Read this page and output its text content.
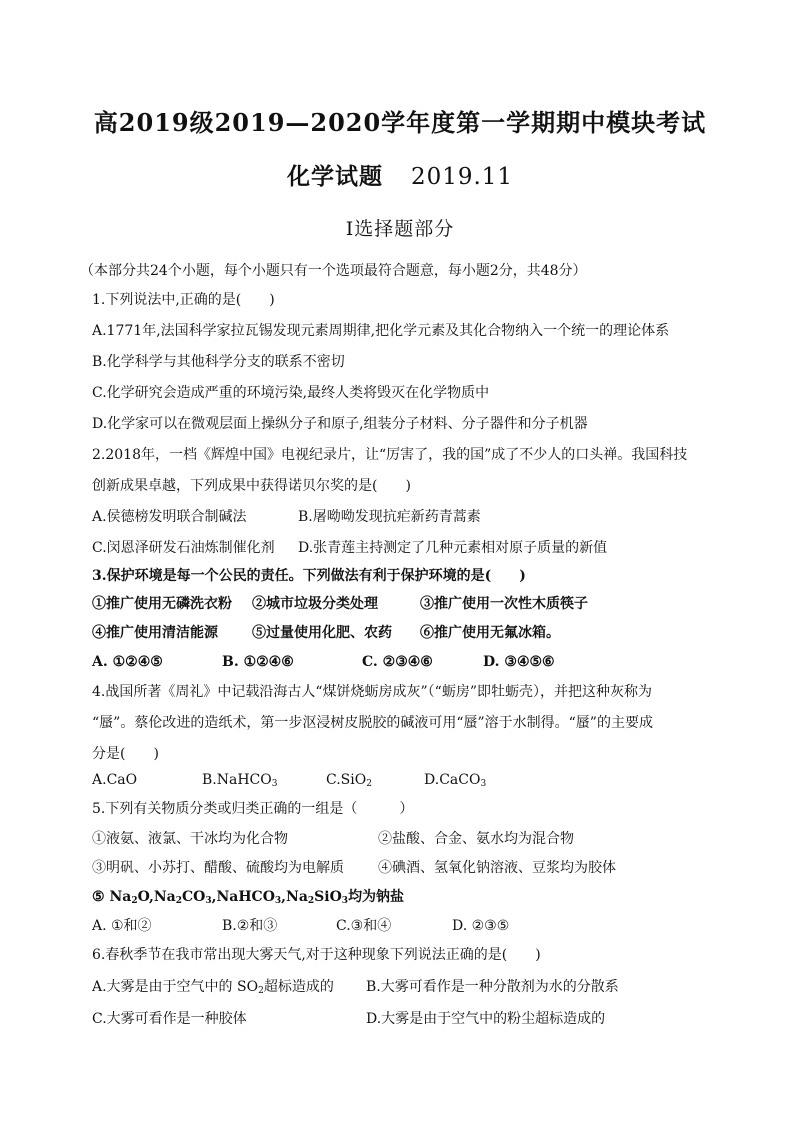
高2019级2019—2020学年度第一学期期中模块考试
化学试题 2019.11
Ⅰ选择题部分
（本部分共24个小题，每个小题只有一个选项最符合题意，每小题2分，共48分）
1.下列说法中,正确的是(　　)
A.1771年,法国科学家拉瓦锡发现元素周期律,把化学元素及其化合物纳入一个统一的理论体系
B.化学科学与其他科学分支的联系不密切
C.化学研究会造成严重的环境污染,最终人类将毁灭在化学物质中
D.化学家可以在微观层面上操纵分子和原子,组装分子材料、分子器件和分子机器
2.2018年，一档《辉煌中国》电视纪录片，让“厉害了，我的国”成了不少人的口头禅。我国科技
创新成果卓越，下列成果中获得诺贝尔奖的是(　　)
A.侯德榜发明联合制碱法	B.屠呦呦发现抗疟新药青蒿素
C.闵恩泽研发石油炼制催化剂 D.张青莲主持测定了几种元素相对原子质量的新值
3.保护环境是每一个公民的责任。下列做法有利于保护环境的是(　　)
①推广使用无磷洗衣粉 ②城市垃圾分类处理	③推广使用一次性木质筷子
④推广使用清洁能源 ⑤过量使用化肥、农药 ⑥推广使用无氟冰箱。
A. ①②④⑤	B. ①②④⑥	C. ②③④⑥	D. ③④⑤⑥
4.战国所著《周礼》中记载沿海古人“煤饼烧蛎房成灰”（“蛎房”即牡蛎壳），并把这种灰称为
“蜃”。蔡伦改进的造纸术，第一步沤浸树皮脱胶的碱液可用“蜃”溶于水制得。“蜃”的主要成
分是(　　)
A.CaO	B.NaHCO$_3$	C.SiO$_2$	D.CaCO$_3$
5.下列有关物质分类或归类正确的一组是（　　　）
①液氨、液氯、干冰均为化合物	②盐酸、合金、氨水均为混合物
③明矾、小苏打、醋酸、硫酸均为电解质 ④碘酒、氢氧化钠溶液、豆浆均为胶体
⑤ $Na_2O,Na_2CO_3,NaHCO_3,Na_2SiO_3$均为钠盐
A. ①和②	B.②和③	C.③和④	D. ②③⑤
6.春秋季节在我市常出现大雾天气,对于这种现象下列说法正确的是(　　)
A.大雾是由于空气中的 $SO_2$超标造成的 B.大雾可看作是一种分散剂为水的分散系
C.大雾可看作是一种胶体	D.大雾是由于空气中的粉尘超标造成的
